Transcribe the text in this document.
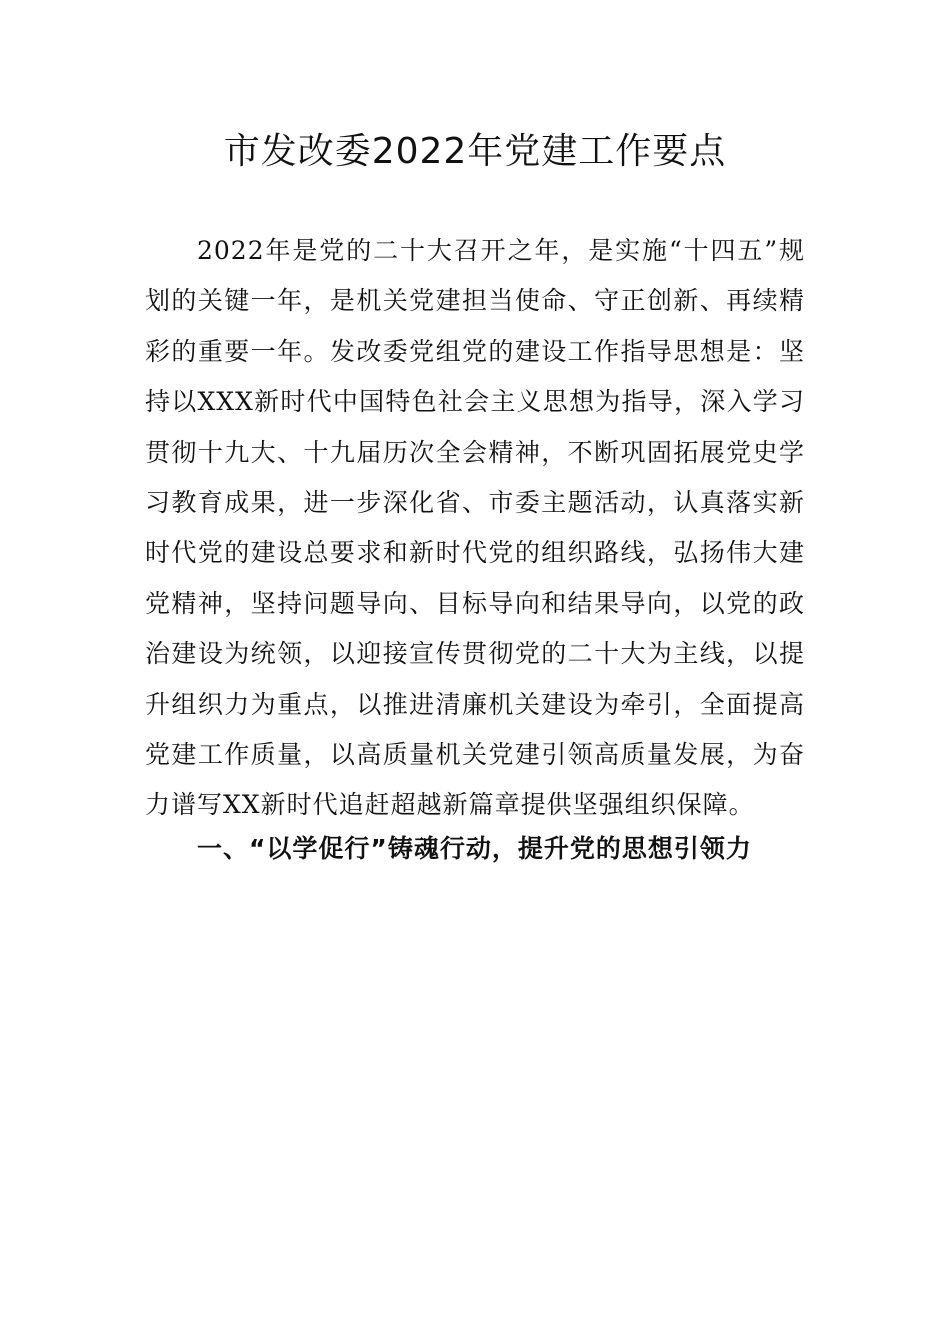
市发改委2022年党建工作要点

2022年是党的二十大召开之年，是实施“十四五”规划的关键一年，是机关党建担当使命、守正创新、再续精彩的重要一年。发改委党组党的建设工作指导思想是：坚持以XXX新时代中国特色社会主义思想为指导，深入学习贯彻十九大、十九届历次全会精神，不断巩固拓展党史学习教育成果，进一步深化省、市委主题活动，认真落实新时代党的建设总要求和新时代党的组织路线，弘扬伟大建党精神，坚持问题导向、目标导向和结果导向，以党的政治建设为统领，以迎接宣传贯彻党的二十大为主线，以提升组织力为重点，以推进清廉机关建设为牵引，全面提高党建工作质量，以高质量机关党建引领高质量发展，为奋力谱写XX新时代追赶超越新篇章提供坚强组织保障。

一、“以学促行”铸魂行动，提升党的思想引领力
